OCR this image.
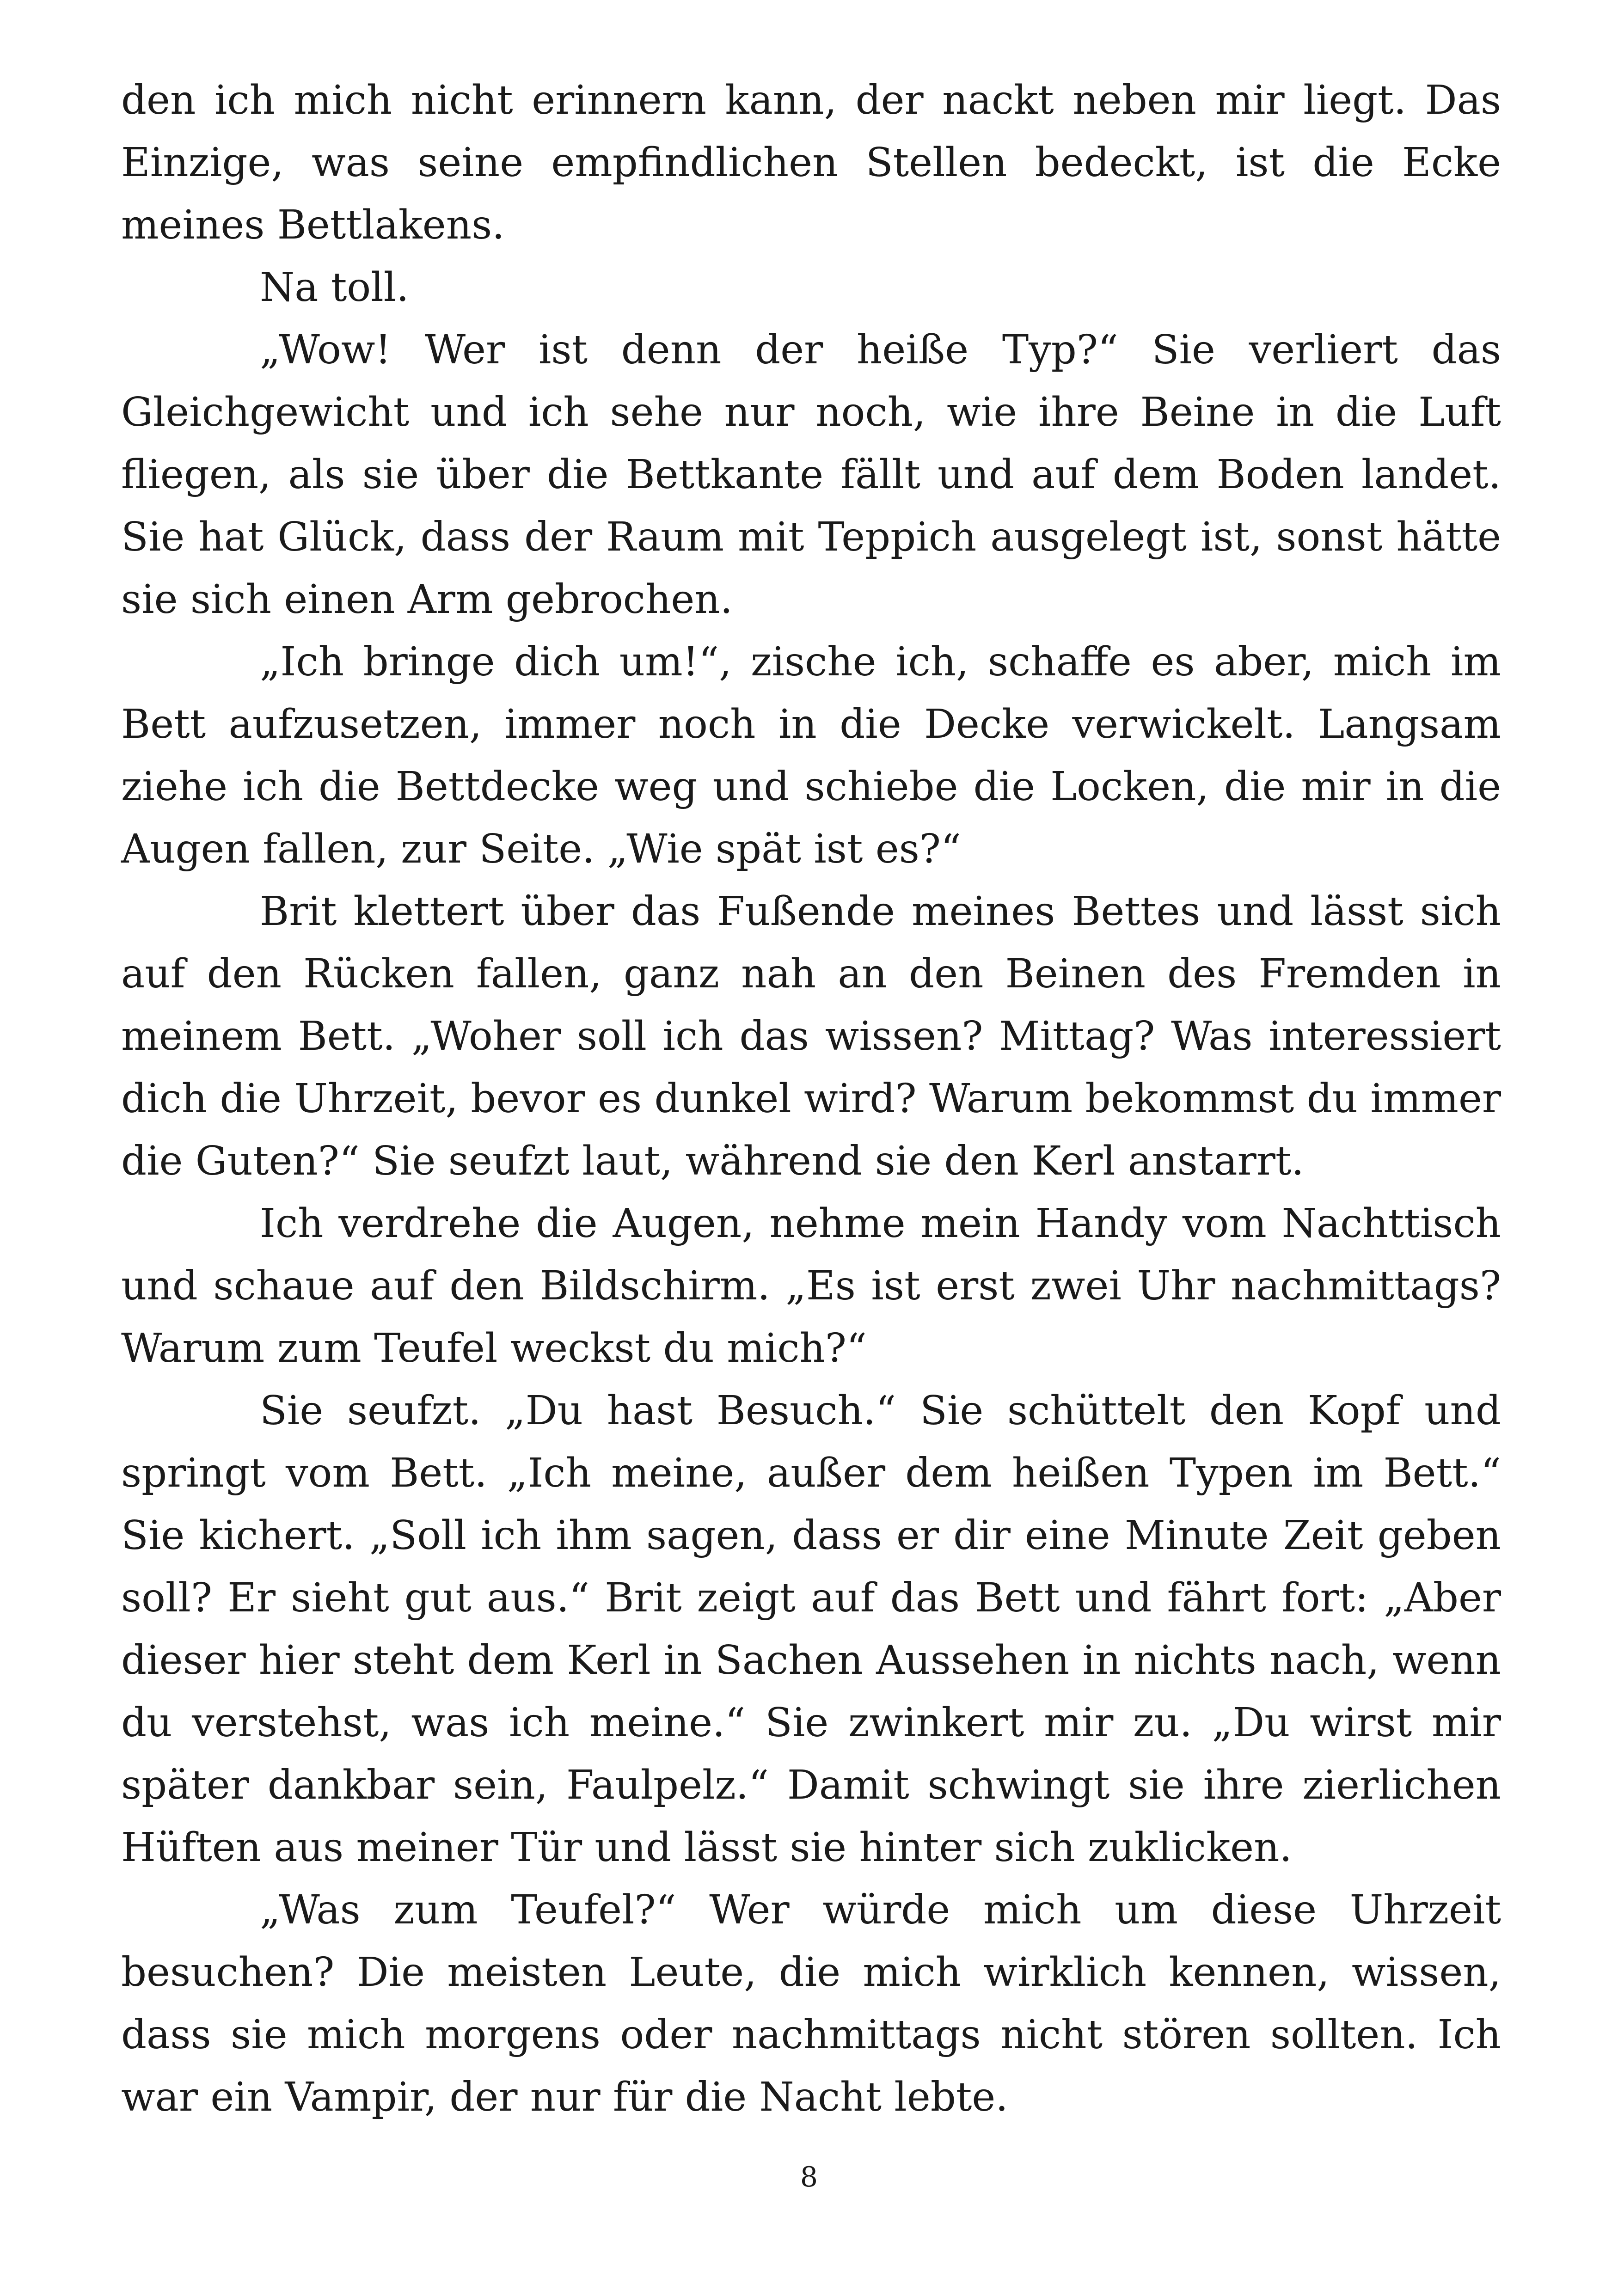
den ich mich nicht erinnern kann, der nackt neben mir liegt. Das Einzige, was seine empfindlichen Stellen bedeckt, ist die Ecke meines Bettlakens.

Na toll.

„Wow! Wer ist denn der heiße Typ?“ Sie verliert das Gleichgewicht und ich sehe nur noch, wie ihre Beine in die Luft fliegen, als sie über die Bettkante fällt und auf dem Boden landet. Sie hat Glück, dass der Raum mit Teppich ausgelegt ist, sonst hätte sie sich einen Arm gebrochen.

„Ich bringe dich um!“, zische ich, schaffe es aber, mich im Bett aufzusetzen, immer noch in die Decke verwickelt. Langsam ziehe ich die Bettdecke weg und schiebe die Locken, die mir in die Augen fallen, zur Seite. „Wie spät ist es?“

Brit klettert über das Fußende meines Bettes und lässt sich auf den Rücken fallen, ganz nah an den Beinen des Fremden in meinem Bett. „Woher soll ich das wissen? Mittag? Was interessiert dich die Uhrzeit, bevor es dunkel wird? Warum bekommst du immer die Guten?“ Sie seufzt laut, während sie den Kerl anstarrt.

Ich verdrehe die Augen, nehme mein Handy vom Nachttisch und schaue auf den Bildschirm. „Es ist erst zwei Uhr nachmittags? Warum zum Teufel weckst du mich?“

Sie seufzt. „Du hast Besuch.“ Sie schüttelt den Kopf und springt vom Bett. „Ich meine, außer dem heißen Typen im Bett.“ Sie kichert. „Soll ich ihm sagen, dass er dir eine Minute Zeit geben soll? Er sieht gut aus.“ Brit zeigt auf das Bett und fährt fort: „Aber dieser hier steht dem Kerl in Sachen Aussehen in nichts nach, wenn du verstehst, was ich meine.“ Sie zwinkert mir zu. „Du wirst mir später dankbar sein, Faulpelz.“ Damit schwingt sie ihre zierlichen Hüften aus meiner Tür und lässt sie hinter sich zuklicken.

„Was zum Teufel?“ Wer würde mich um diese Uhrzeit besuchen? Die meisten Leute, die mich wirklich kennen, wissen, dass sie mich morgens oder nachmittags nicht stören sollten. Ich war ein Vampir, der nur für die Nacht lebte.

8
